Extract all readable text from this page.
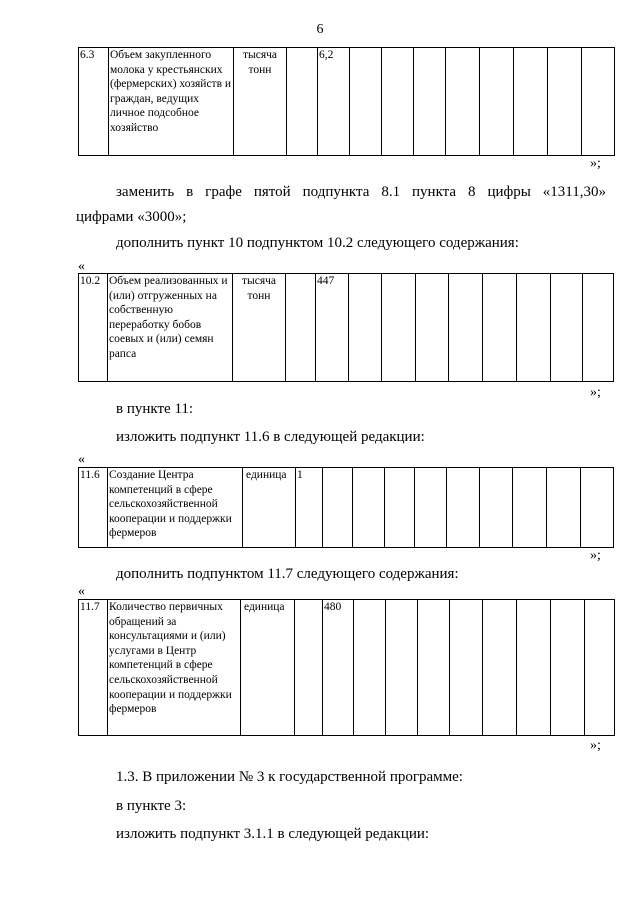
6
6.3	Объем закупленного молока у крестьянских (фермерских) хозяйств и граждан, ведущих личное подсобное хозяйство	тысяча тонн		6,2								
»;
заменить в графе пятой подпункта 8.1 пункта 8 цифры «1311,30»
цифрами «3000»;
дополнить пункт 10 подпунктом 10.2 следующего содержания:
«
10.2	Объем реализованных и (или) отгруженных на собственную переработку бобов соевых и (или) семян рапса	тысяча тонн		447								
»;
в пункте 11:
изложить подпункт 11.6 в следующей редакции:
«
11.6	Создание Центра компетенций в сфере сельскохозяйственной кооперации и поддержки фермеров	единица	1									
»;
дополнить подпунктом 11.7 следующего содержания:
«
11.7	Количество первичных обращений за консультациями и (или) услугами в Центр компетенций в сфере сельскохозяйственной кооперации и поддержки фермеров	единица		480								
»;
1.3. В приложении № 3 к государственной программе:
в пункте 3:
изложить подпункт 3.1.1 в следующей редакции:
